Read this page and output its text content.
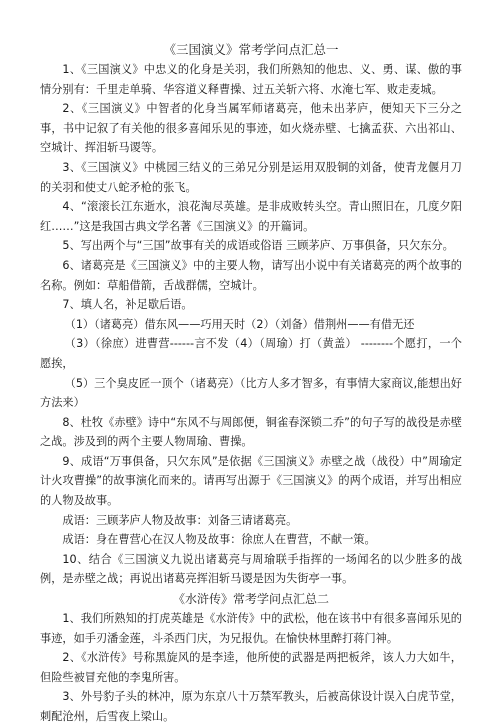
《三国演义》常考学问点汇总一

1、《三国演义》中忠义的化身是关羽，我们所熟知的他忠、义、勇、谋、傲的事情分别有：千里走单骑、华容道义释曹操、过五关斩六将、水淹七军、败走麦城。

2、《三国演义》中智者的化身当属军师诸葛亮，他未出茅庐，便知天下三分之事，书中记叙了有关他的很多喜闻乐见的事迹，如火烧赤壁、七擒孟获、六出祁山、空城计、挥泪斩马谡等。

3、《三国演义》中桃园三结义的三弟兄分别是运用双股铜的刘备，使青龙偃月刀的关羽和使丈八蛇矛枪的张飞。

4、“滚滚长江东逝水，浪花淘尽英雄。是非成败转头空。青山照旧在，几度夕阳红……”这是我国古典文学名著《三国演义》的开篇词。

5、写出两个与“三国”故事有关的成语或俗语 三顾茅庐、万事俱备，只欠东分。

6、诸葛亮是《三国演义》中的主要人物，请写出小说中有关诸葛亮的两个故事的名称。例如：草船借箭，舌战群儒，空城计。

7、填人名，补足歇后语。

（1）（诸葛亮）借东风——巧用天时（2）（刘备）借荆州——有借无还

（3）（徐庶）进曹营------言不发（4）（周瑜）打（黄盖） --------个愿打，一个愿挨，

（5）三个臭皮匠一顶个（诸葛亮）（比方人多才智多，有事情大家商议,能想出好方法来）

8、杜牧《赤壁》诗中“东风不与周郎便，铜雀春深锁二乔”的句子写的战役是赤壁之战。涉及到的两个主要人物周瑜、曹操。

9、成语“万事俱备，只欠东风”是依据《三国演义》赤壁之战（战役）中”周瑜定计火攻曹操”的故事演化而来的。请再写出源于《三国演义》的两个成语，并写出相应的人物及故事。

成语：三顾茅庐人物及故事：刘备三请诸葛亮。

成语：身在曹营心在汉人物及故事：徐庶人在曹营，不献一策。

10、结合《三国演义九说出诸葛亮与周瑜联手指挥的一场闻名的以少胜多的战例，是赤壁之战；再说出诸葛亮挥泪斩马谡是因为失街亭一事。

《水浒传》常考学问点汇总二

1、我们所熟知的打虎英雄是《水浒传》中的武松，他在该书中有很多喜闻乐见的事迹，如手刃潘金莲，斗杀西门庆，为兄报仇。在愉快林里醉打蒋门神。

2、《水浒传》号称黑旋风的是李逵，他所使的武器是两把板斧，该人力大如牛，但险些被冒充他的李鬼所害。

3、外号豹子头的林冲，原为东京八十万禁军教头，后被高俅设计误入白虎节堂，刺配沧州，后雪夜上梁山。
